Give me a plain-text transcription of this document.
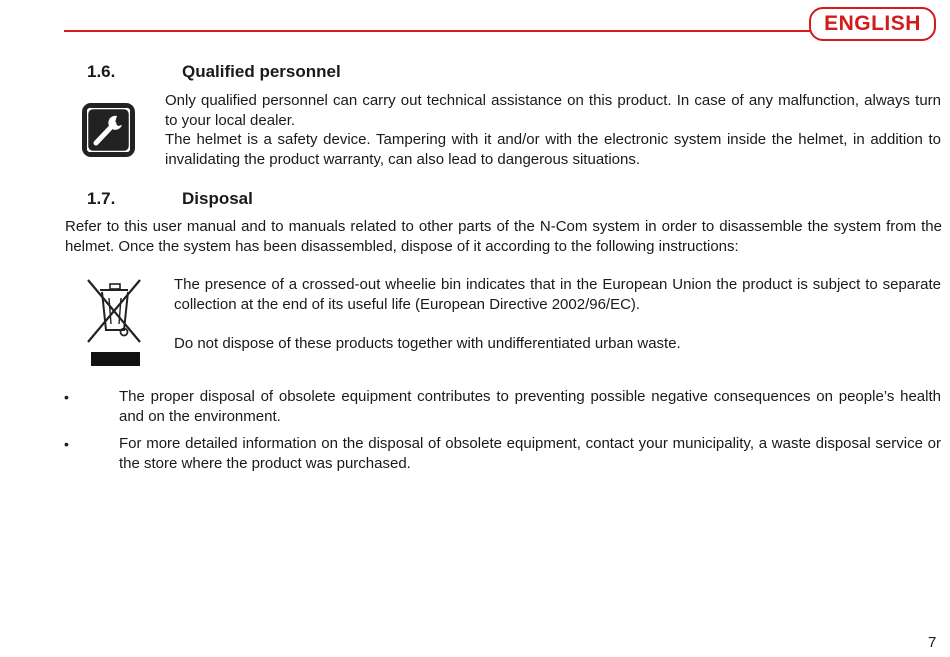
ENGLISH
1.6.	Qualified personnel

Only qualified personnel can carry out technical assistance on this product. In case of any malfunction, always turn to your local dealer.

The helmet is a safety device. Tampering with it and/or with the electronic system inside the helmet, in addition to invalidating the product warranty, can also lead to dangerous situations.

1.7.	Disposal

Refer to this user manual and to manuals related to other parts of the N-Com system in order to disassemble the system from the helmet. Once the system has been disassembled, dispose of it according to the following instructions:

The presence of a crossed-out wheelie bin indicates that in the European Union the product is subject to separate collection at the end of its useful life (European Directive 2002/96/EC).

Do not dispose of these products together with undifferentiated urban waste.

•	The proper disposal of obsolete equipment contributes to preventing possible negative consequences on people’s health and on the environment.

•	For more detailed information on the disposal of obsolete equipment, contact your municipality, a waste disposal service or the store where the product was purchased.

7
